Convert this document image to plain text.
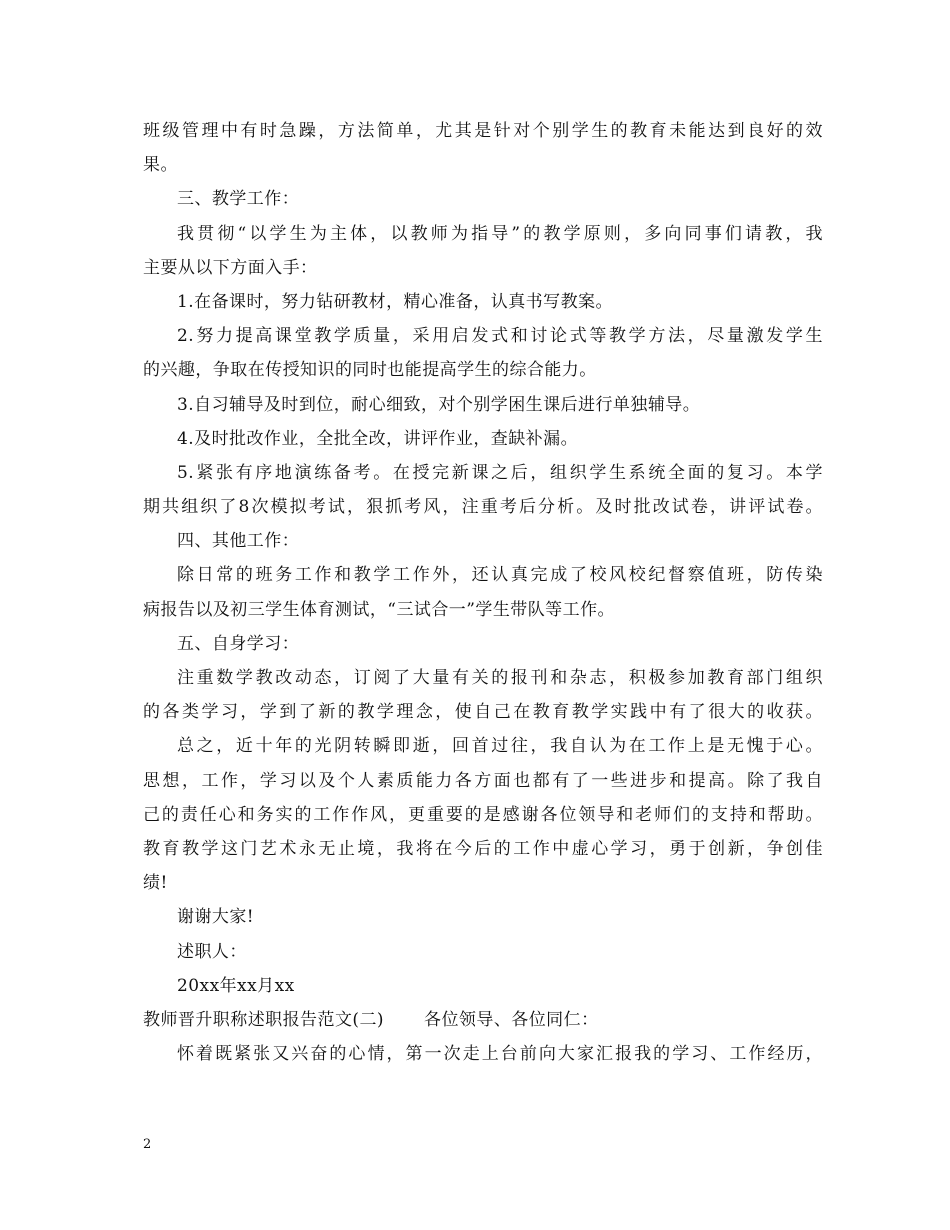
班级管理中有时急躁，方法简单，尤其是针对个别学生的教育未能达到良好的效
果。
三、教学工作：
我贯彻“以学生为主体，以教师为指导”的教学原则，多向同事们请教，我
主要从以下方面入手：
1.在备课时，努力钻研教材，精心准备，认真书写教案。
2.努力提高课堂教学质量，采用启发式和讨论式等教学方法，尽量激发学生
的兴趣，争取在传授知识的同时也能提高学生的综合能力。
3.自习辅导及时到位，耐心细致，对个别学困生课后进行单独辅导。
4.及时批改作业，全批全改，讲评作业，查缺补漏。
5.紧张有序地演练备考。在授完新课之后，组织学生系统全面的复习。本学
期共组织了8次模拟考试，狠抓考风，注重考后分析。及时批改试卷，讲评试卷。
四、其他工作：
除日常的班务工作和教学工作外，还认真完成了校风校纪督察值班，防传染
病报告以及初三学生体育测试，“三试合一”学生带队等工作。
五、自身学习：
注重数学教改动态，订阅了大量有关的报刊和杂志，积极参加教育部门组织
的各类学习，学到了新的教学理念，使自己在教育教学实践中有了很大的收获。
总之，近十年的光阴转瞬即逝，回首过往，我自认为在工作上是无愧于心。
思想，工作，学习以及个人素质能力各方面也都有了一些进步和提高。除了我自
己的责任心和务实的工作作风，更重要的是感谢各位领导和老师们的支持和帮助。
教育教学这门艺术永无止境，我将在今后的工作中虚心学习，勇于创新，争创佳
绩!
谢谢大家!
述职人：
20xx年xx月xx
教师晋升职称述职报告范文(二) 各位领导、各位同仁：
怀着既紧张又兴奋的心情，第一次走上台前向大家汇报我的学习、工作经历，
2
